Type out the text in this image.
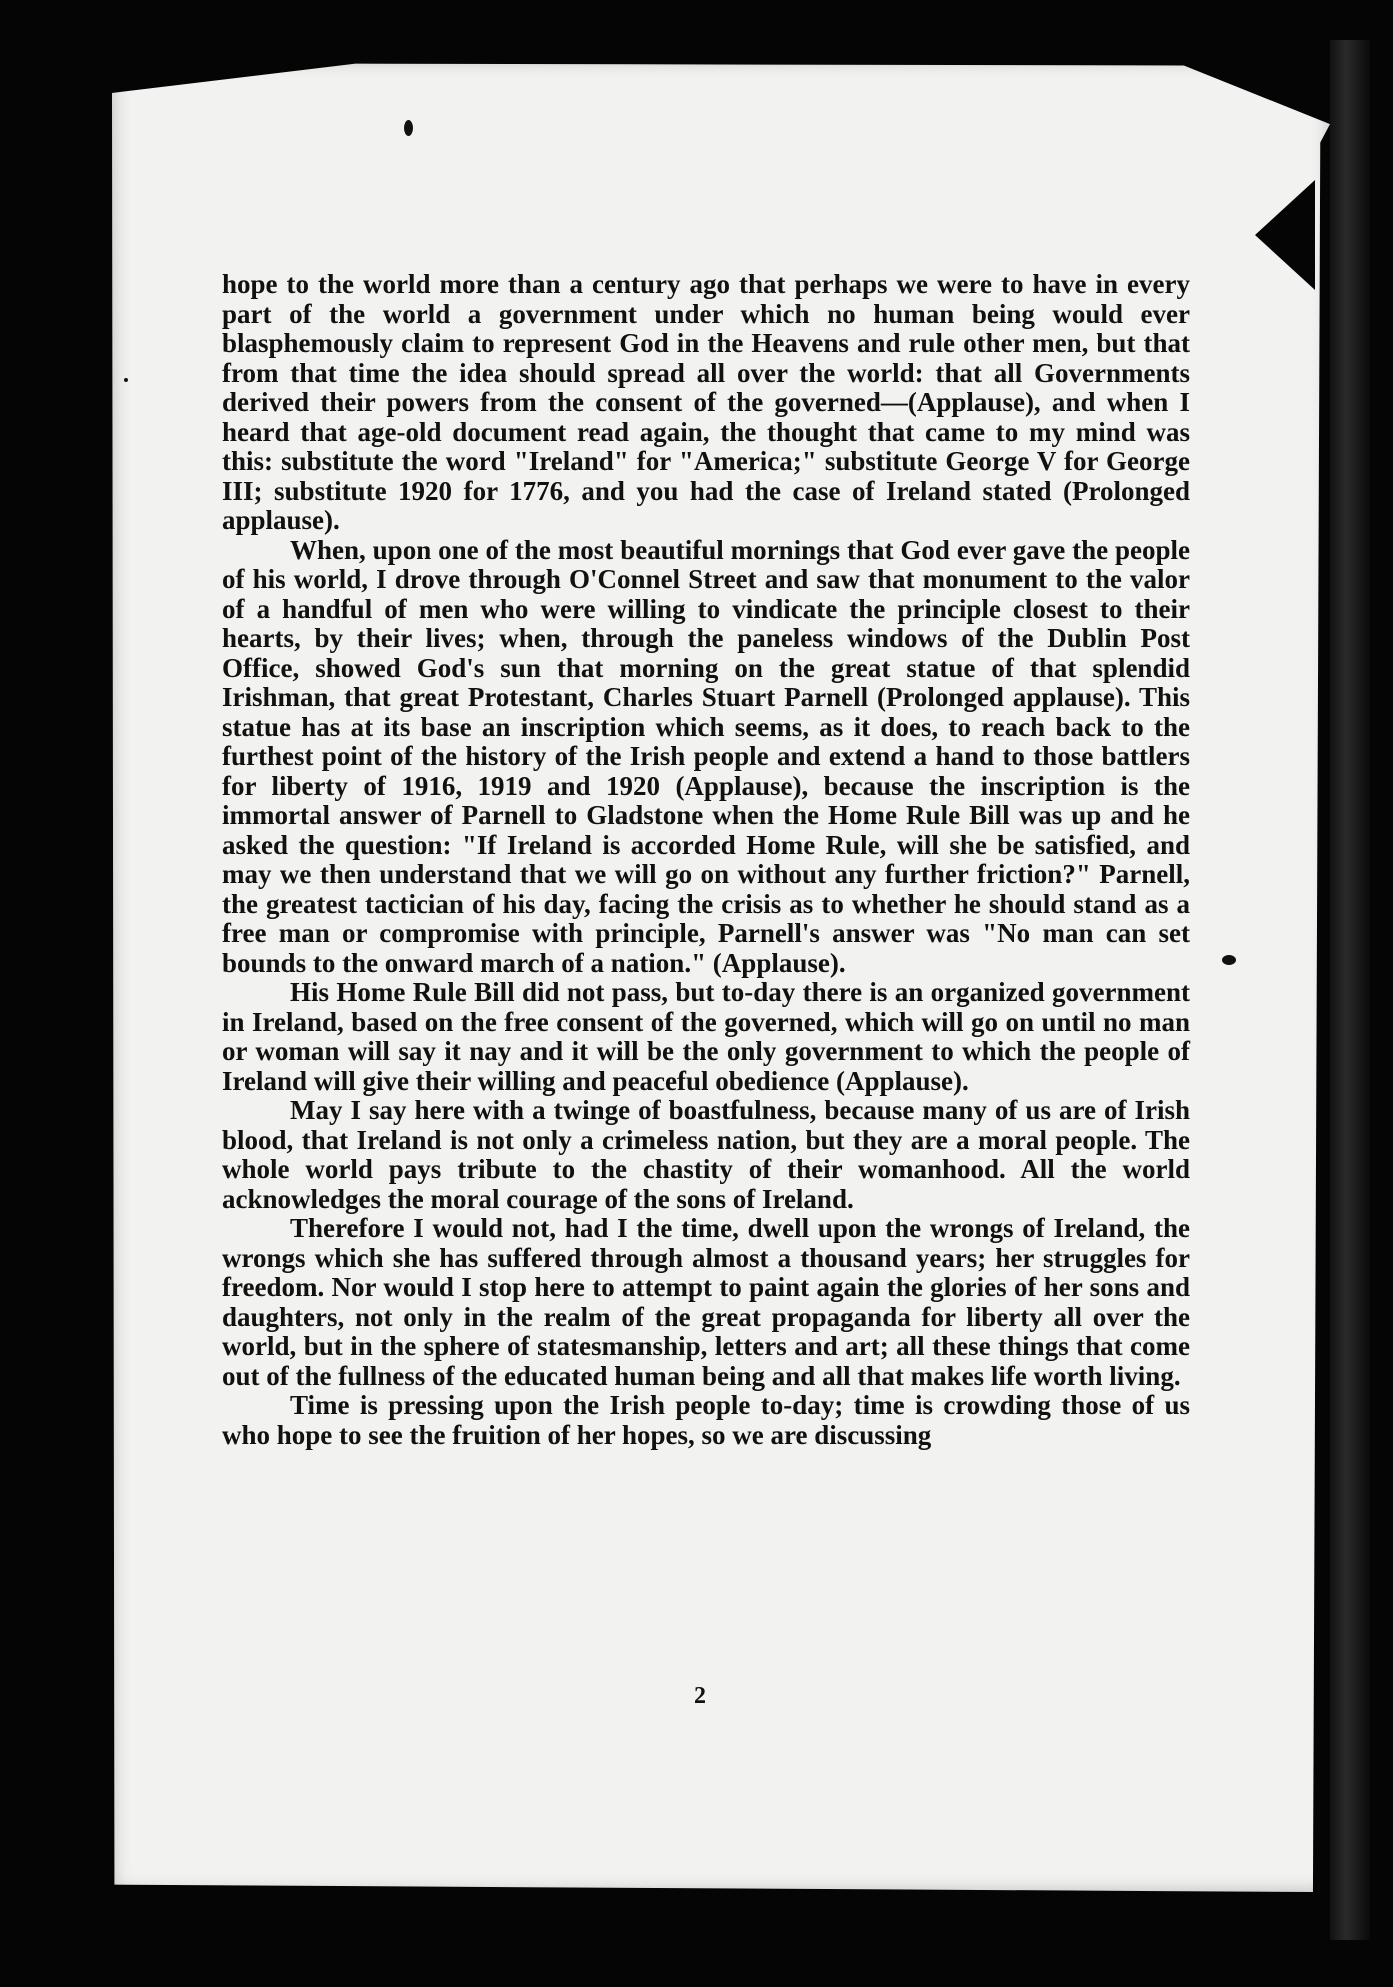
hope to the world more than a century ago that perhaps we were to have in every part of the world a government under which no human being would ever blasphemously claim to represent God in the Heavens and rule other men, but that from that time the idea should spread all over the world: that all Governments derived their powers from the consent of the governed—(Applause), and when I heard that age-old document read again, the thought that came to my mind was this: substitute the word "Ireland" for "America;" substitute George V for George III; substitute 1920 for 1776, and you had the case of Ireland stated (Prolonged applause).

When, upon one of the most beautiful mornings that God ever gave the people of his world, I drove through O'Connel Street and saw that monument to the valor of a handful of men who were willing to vindicate the principle closest to their hearts, by their lives; when, through the paneless windows of the Dublin Post Office, showed God's sun that morning on the great statue of that splendid Irishman, that great Protestant, Charles Stuart Parnell (Prolonged applause). This statue has at its base an inscription which seems, as it does, to reach back to the furthest point of the history of the Irish people and extend a hand to those battlers for liberty of 1916, 1919 and 1920 (Applause), because the inscription is the immortal answer of Parnell to Gladstone when the Home Rule Bill was up and he asked the question: "If Ireland is accorded Home Rule, will she be satisfied, and may we then understand that we will go on without any further friction?" Parnell, the greatest tactician of his day, facing the crisis as to whether he should stand as a free man or compromise with principle, Parnell's answer was "No man can set bounds to the onward march of a nation." (Applause).

His Home Rule Bill did not pass, but to-day there is an organized government in Ireland, based on the free consent of the governed, which will go on until no man or woman will say it nay and it will be the only government to which the people of Ireland will give their willing and peaceful obedience (Applause).

May I say here with a twinge of boastfulness, because many of us are of Irish blood, that Ireland is not only a crimeless nation, but they are a moral people. The whole world pays tribute to the chastity of their womanhood. All the world acknowledges the moral courage of the sons of Ireland.

Therefore I would not, had I the time, dwell upon the wrongs of Ireland, the wrongs which she has suffered through almost a thousand years; her struggles for freedom. Nor would I stop here to attempt to paint again the glories of her sons and daughters, not only in the realm of the great propaganda for liberty all over the world, but in the sphere of statesmanship, letters and art; all these things that come out of the fullness of the educated human being and all that makes life worth living.

Time is pressing upon the Irish people to-day; time is crowding those of us who hope to see the fruition of her hopes, so we are discussing

2
